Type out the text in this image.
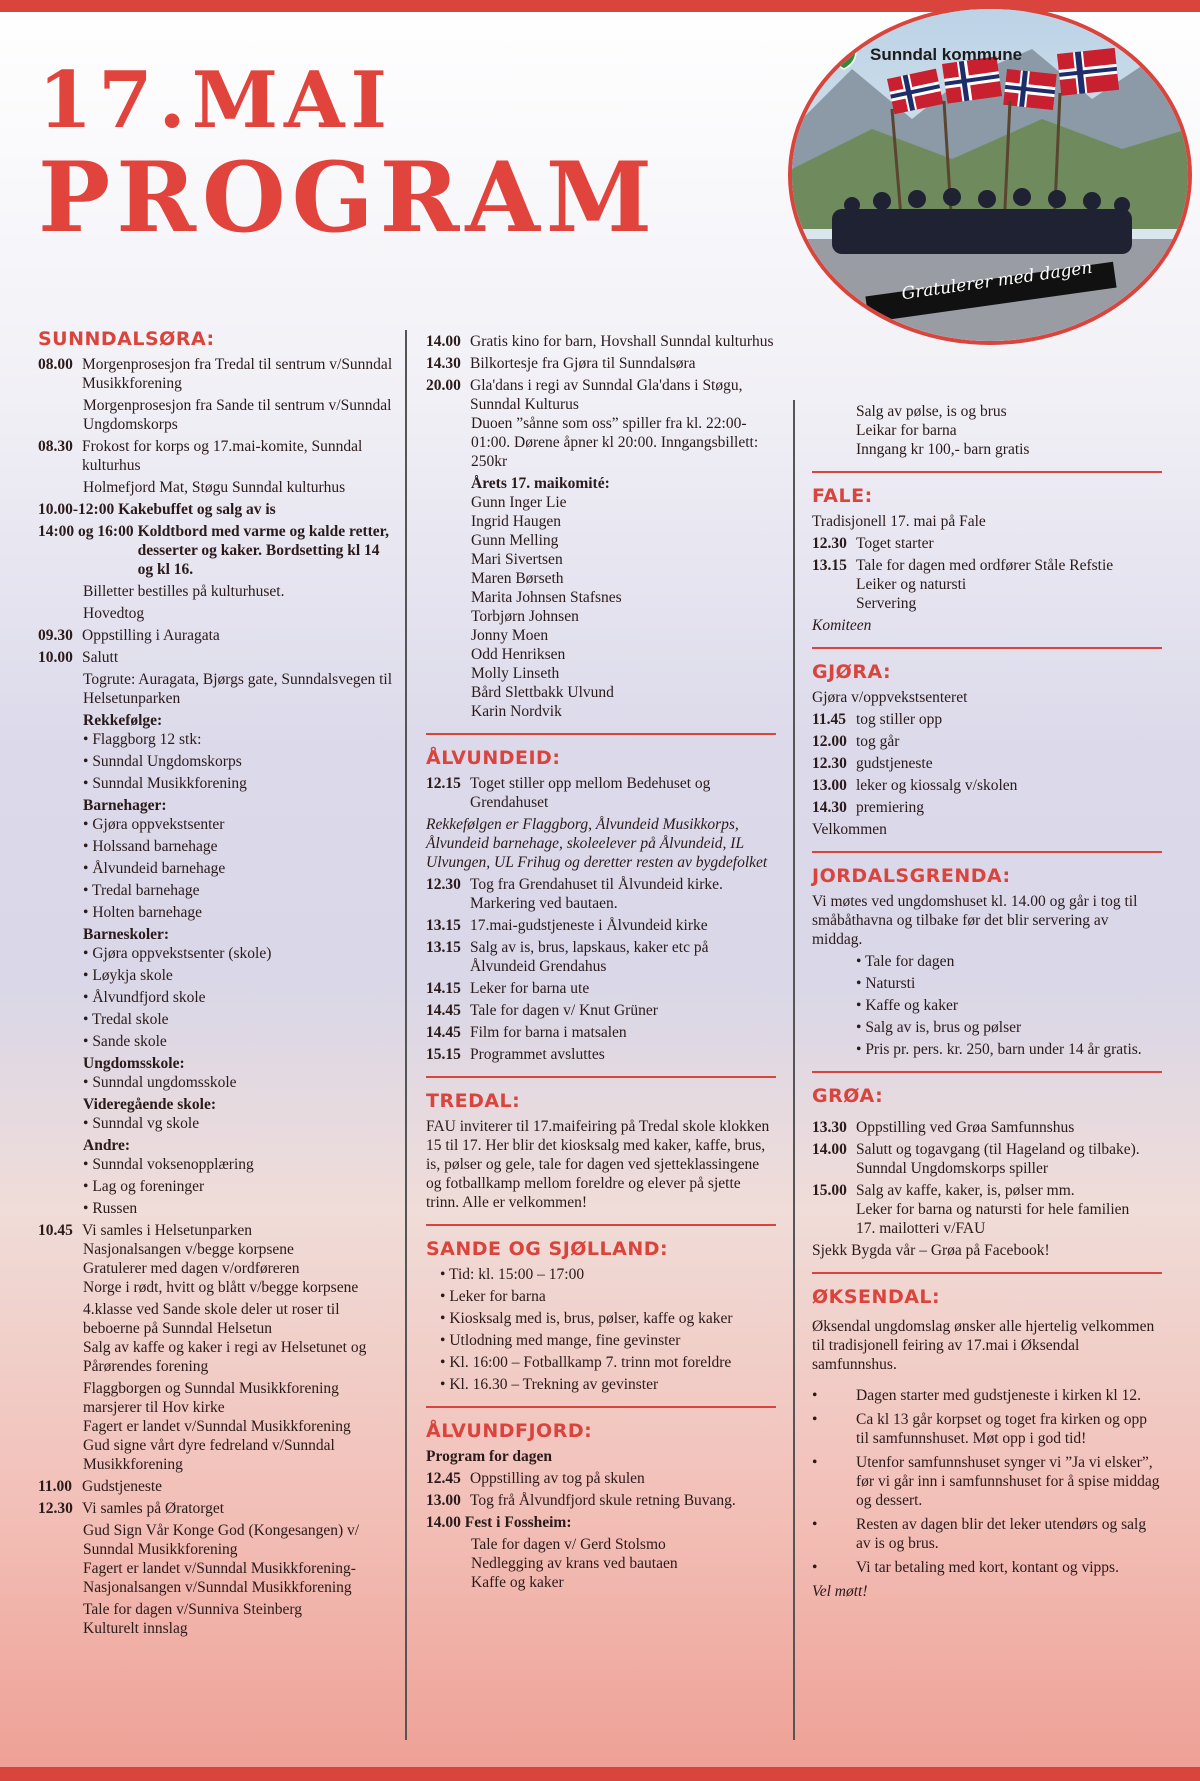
17.MAI
PROGRAM
Sunndal kommune
Gratulerer med dagen
SUNNDALSØRA:
08.00 Morgenprosesjon fra Tredal til sentrum v/Sunndal Musikkforening
Morgenprosesjon fra Sande til sentrum v/Sunndal Ungdomskorps
08.30 Frokost for korps og 17.mai-komite, Sunndal kulturhus
Holmefjord Mat, Støgu Sunndal kulturhus
10.00-12:00 Kakebuffet og salg av is
14:00 og 16:00 Koldtbord med varme og kalde retter, desserter og kaker. Bordsetting kl 14 og kl 16.
Billetter bestilles på kulturhuset.
Hovedtog
09.30 Oppstilling i Auragata
10.00 Salutt
Togrute: Auragata, Bjørgs gate, Sunndalsvegen til Helsetunparken
Rekkefølge:
• Flaggborg 12 stk:
• Sunndal Ungdomskorps
• Sunndal Musikkforening
Barnehager:
• Gjøra oppvekstsenter
• Holssand barnehage
• Ålvundeid barnehage
• Tredal barnehage
• Holten barnehage
Barneskoler:
• Gjøra oppvekstsenter (skole)
• Løykja skole
• Ålvundfjord skole
• Tredal skole
• Sande skole
Ungdomsskole:
• Sunndal ungdomsskole
Videregående skole:
• Sunndal vg skole
Andre:
• Sunndal voksenopplæring
• Lag og foreninger
• Russen
10.45 Vi samles i Helsetunparken
Nasjonalsangen v/begge korpsene
Gratulerer med dagen v/ordføreren
Norge i rødt, hvitt og blått v/begge korpsene
4.klasse ved Sande skole deler ut roser til beboerne på Sunndal Helsetun
Salg av kaffe og kaker i regi av Helsetunet og Pårørendes forening
Flaggborgen og Sunndal Musikkforening marsjerer til Hov kirke
Fagert er landet v/Sunndal Musikkforening
Gud signe vårt dyre fedreland v/Sunndal Musikkforening
11.00 Gudstjeneste
12.30 Vi samles på Øratorget
Gud Sign Vår Konge God (Kongesangen) v/ Sunndal Musikkforening
Fagert er landet v/Sunndal Musikkforening-Nasjonalsangen v/Sunndal Musikkforening
Tale for dagen v/Sunniva Steinberg
Kulturelt innslag
14.00 Gratis kino for barn, Hovshall Sunndal kulturhus
14.30 Bilkortesje fra Gjøra til Sunndalsøra
20.00 Gla'dans i regi av Sunndal Gla'dans i Støgu, Sunndal Kulturus
Duoen ”sånne som oss” spiller fra kl. 22:00-01:00. Dørene åpner kl 20:00. Inngangsbillett: 250kr
Årets 17. maikomité:
Gunn Inger Lie
Ingrid Haugen
Gunn Melling
Mari Sivertsen
Maren Børseth
Marita Johnsen Stafsnes
Torbjørn Johnsen
Jonny Moen
Odd Henriksen
Molly Linseth
Bård Slettbakk Ulvund
Karin Nordvik
ÅLVUNDEID:
12.15 Toget stiller opp mellom Bedehuset og Grendahuset
Rekkefølgen er Flaggborg, Ålvundeid Musikkorps, Ålvundeid barnehage, skoleelever på Ålvundeid, IL Ulvungen, UL Frihug og deretter resten av bygdefolket
12.30 Tog fra Grendahuset til Ålvundeid kirke. Markering ved bautaen.
13.15 17.mai-gudstjeneste i Ålvundeid kirke
13.15 Salg av is, brus, lapskaus, kaker etc på Ålvundeid Grendahus
14.15 Leker for barna ute
14.45 Tale for dagen v/ Knut Grüner
14.45 Film for barna i matsalen
15.15 Programmet avsluttes
TREDAL:
FAU inviterer til 17.maifeiring på Tredal skole klokken 15 til 17. Her blir det kiosksalg med kaker, kaffe, brus, is, pølser og gele, tale for dagen ved sjetteklassingene og fotballkamp mellom foreldre og elever på sjette trinn. Alle er velkommen!
SANDE OG SJØLLAND:
• Tid: kl. 15:00 – 17:00
• Leker for barna
• Kiosksalg med is, brus, pølser, kaffe og kaker
• Utlodning med mange, fine gevinster
• Kl. 16:00 – Fotballkamp 7. trinn mot foreldre
• Kl. 16.30 – Trekning av gevinster
ÅLVUNDFJORD:
Program for dagen
12.45 Oppstilling av tog på skulen
13.00 Tog frå Ålvundfjord skule retning Buvang.
14.00 Fest i Fossheim:
Tale for dagen v/ Gerd Stolsmo
Nedlegging av krans ved bautaen
Kaffe og kaker
Salg av pølse, is og brus
Leikar for barna
Inngang kr 100,- barn gratis
FALE:
Tradisjonell 17. mai på Fale
12.30 Toget starter
13.15 Tale for dagen med ordfører Ståle Refstie
Leiker og natursti
Servering
Komiteen
GJØRA:
Gjøra v/oppvekstsenteret
11.45 tog stiller opp
12.00 tog går
12.30 gudstjeneste
13.00 leker og kiossalg v/skolen
14.30 premiering
Velkommen
JORDALSGRENDA:
Vi møtes ved ungdomshuset kl. 14.00 og går i tog til småbåthavna og tilbake før det blir servering av middag.
• Tale for dagen
• Natursti
• Kaffe og kaker
• Salg av is, brus og pølser
• Pris pr. pers. kr. 250, barn under 14 år gratis.
GRØA:
13.30 Oppstilling ved Grøa Samfunnshus
14.00 Salutt og togavgang (til Hageland og tilbake). Sunndal Ungdomskorps spiller
15.00 Salg av kaffe, kaker, is, pølser mm.
Leker for barna og natursti for hele familien
17. mailotteri v/FAU
Sjekk Bygda vår – Grøa på Facebook!
ØKSENDAL:
Øksendal ungdomslag ønsker alle hjertelig velkommen til tradisjonell feiring av 17.mai i Øksendal samfunnshus.
• Dagen starter med gudstjeneste i kirken kl 12.
• Ca kl 13 går korpset og toget fra kirken og opp til samfunnshuset. Møt opp i god tid!
• Utenfor samfunnshuset synger vi ”Ja vi elsker”, før vi går inn i samfunnshuset for å spise middag og dessert.
• Resten av dagen blir det leker utendørs og salg av is og brus.
• Vi tar betaling med kort, kontant og vipps.
Vel møtt!
